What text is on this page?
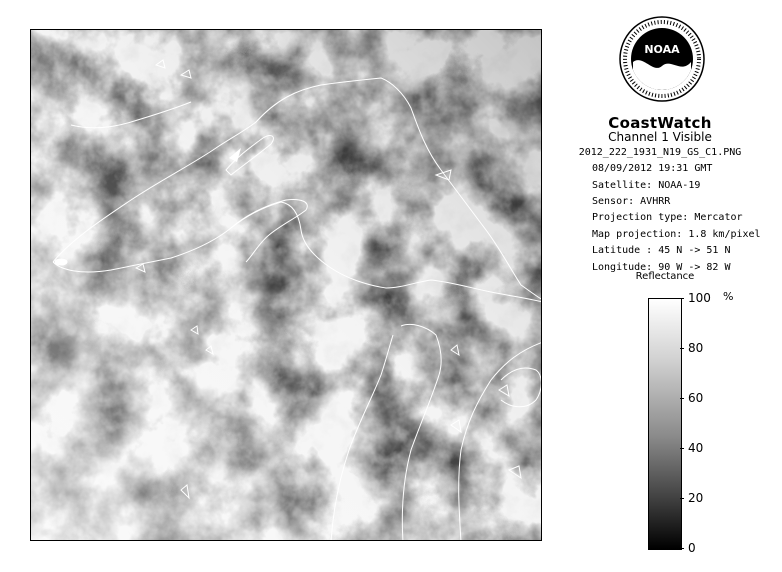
NOAA
CoastWatch
Channel 1 Visible
2012_222_1931_N19_GS_C1.PNG
08/09/2012 19:31 GMT
Satellite: NOAA-19
Sensor: AVHRR
Projection type: Mercator
Map projection: 1.8 km/pixel
Latitude : 45 N -> 51 N
Longitude: 90 W -> 82 W
Reflectance
%
100
80
60
40
20
0
